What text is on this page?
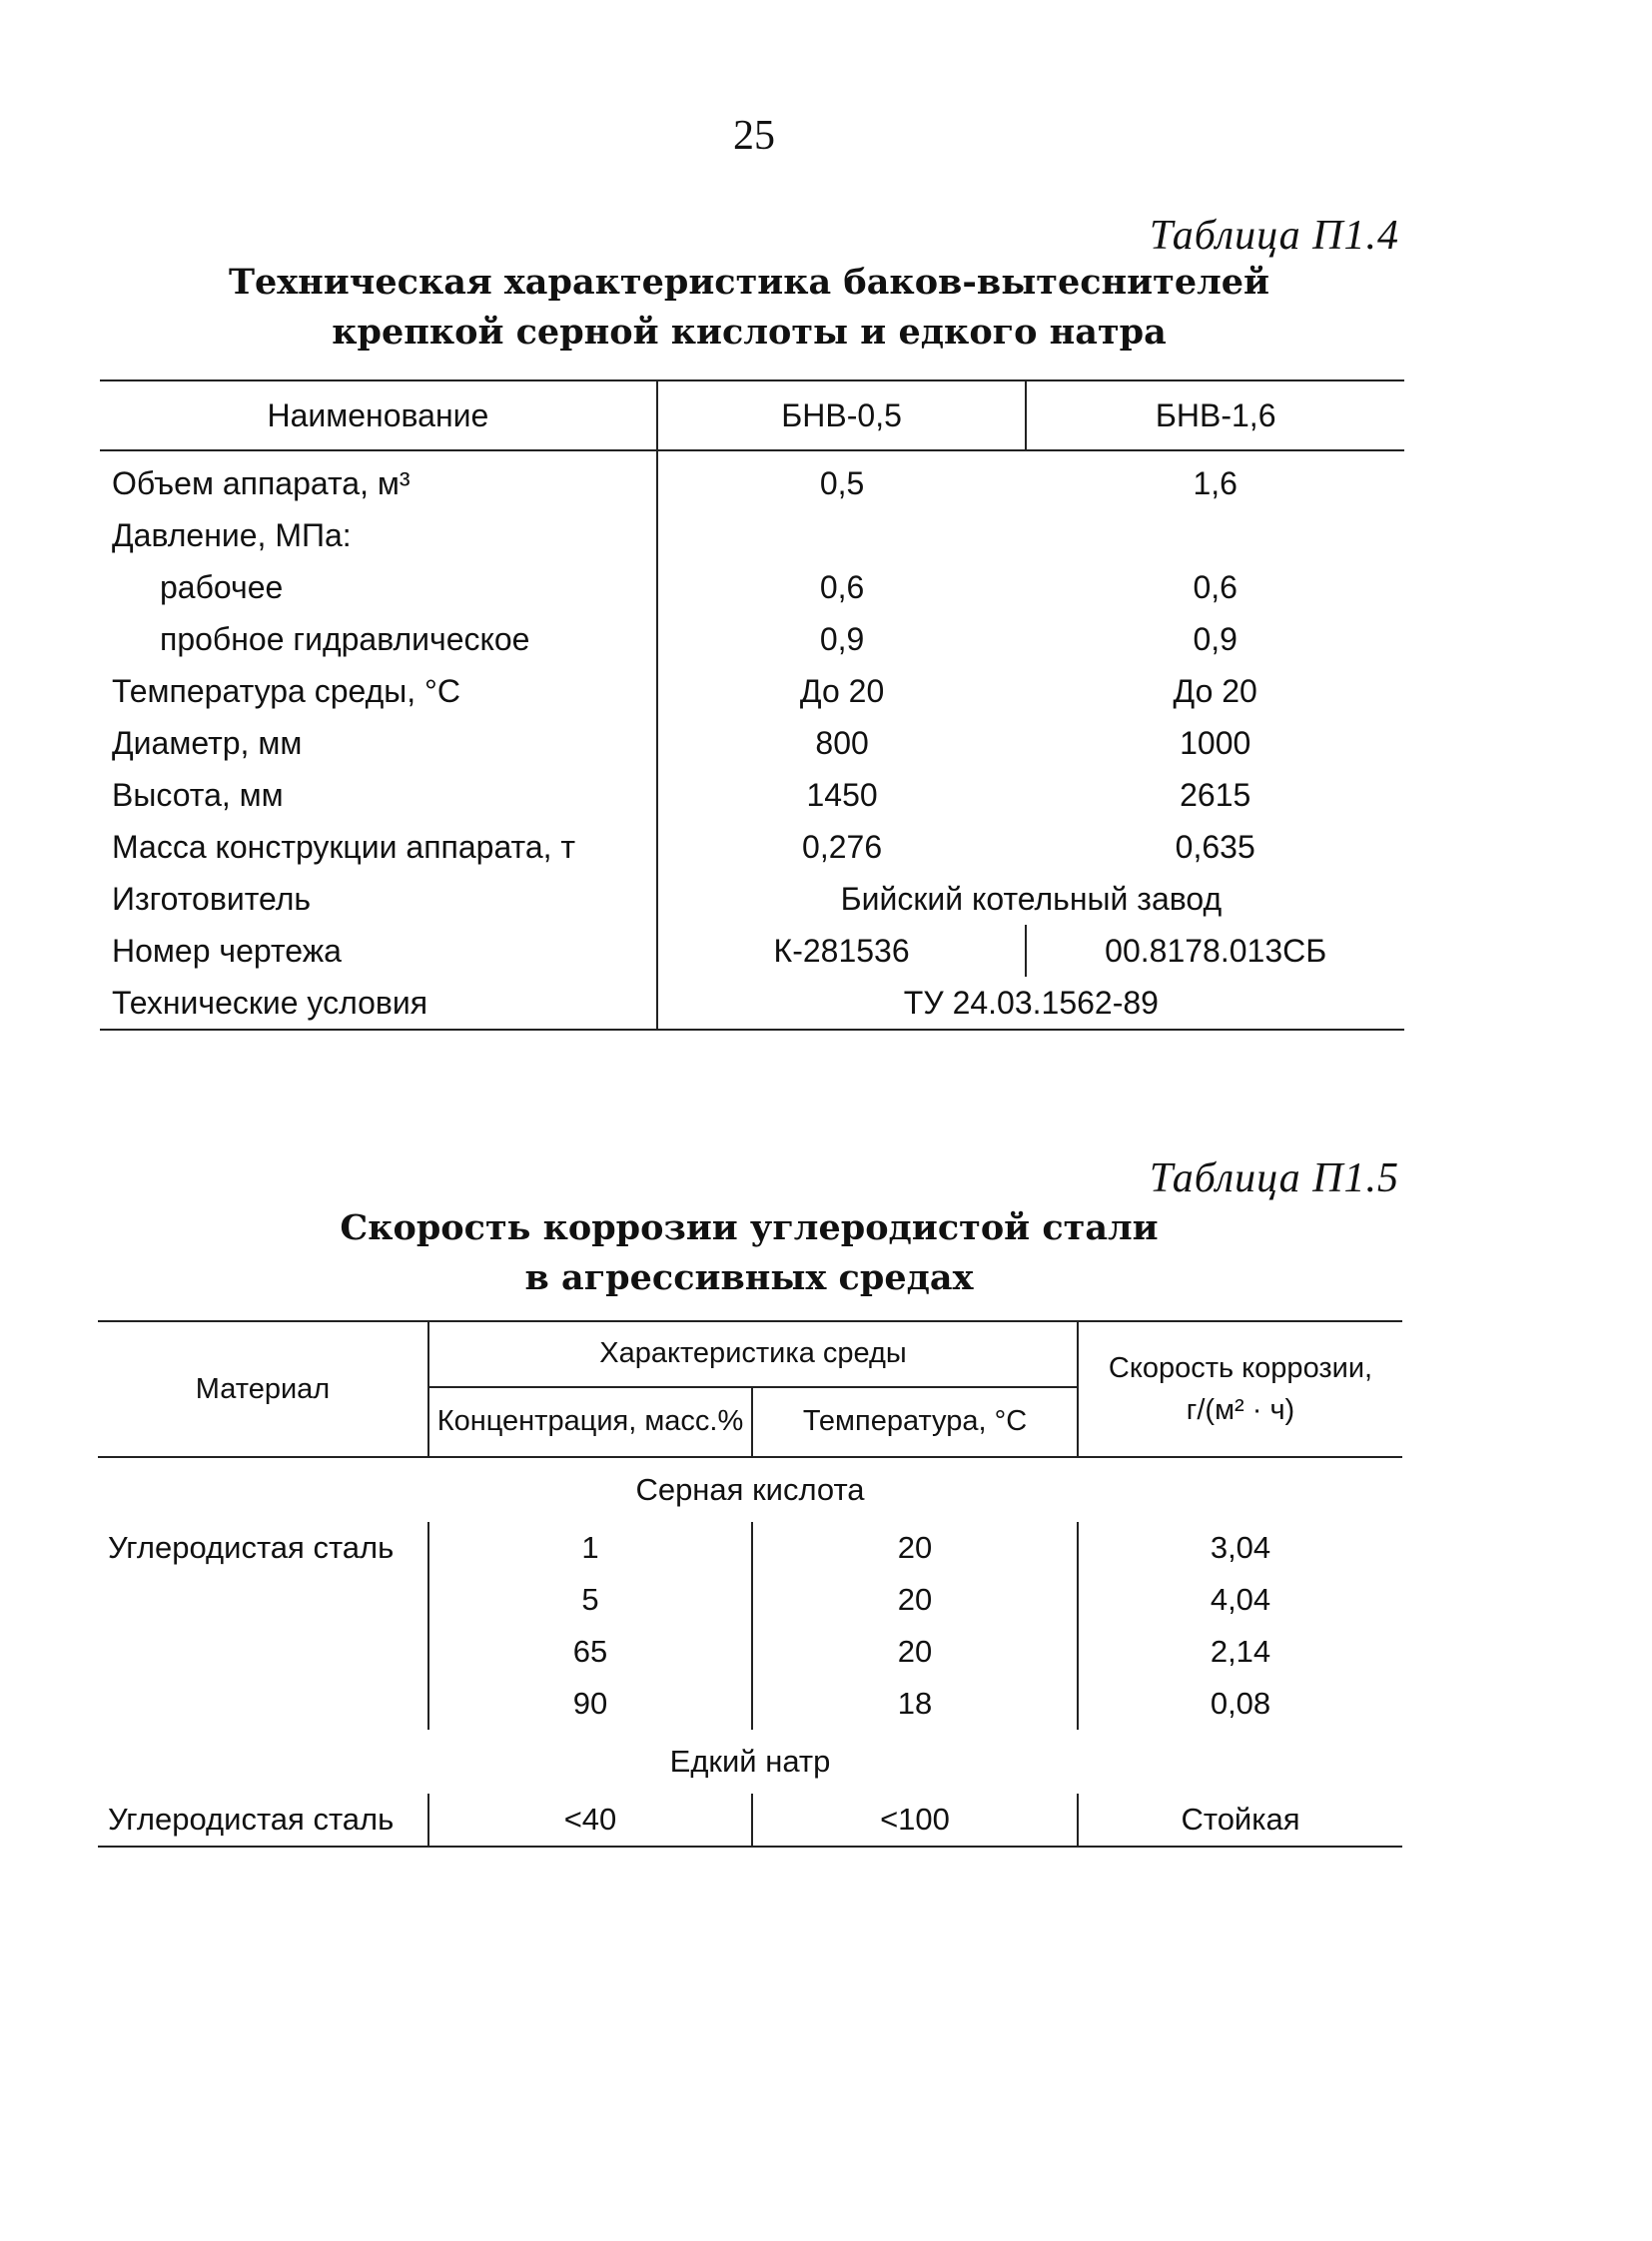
25
Таблица П1.4
Техническая характеристика баков-вытеснителей
крепкой серной кислоты и едкого натра
Наименование	БНВ-0,5	БНВ-1,6
Объем аппарата, м³	0,5	1,6
Давление, МПа:		
рабочее	0,6	0,6
пробное гидравлическое	0,9	0,9
Температура среды, °С	До 20	До 20
Диаметр, мм	800	1000
Высота, мм	1450	2615
Масса конструкции аппарата, т	0,276	0,635
Изготовитель	Бийский котельный завод	
Номер чертежа	К-281536	00.8178.013СБ
Технические условия	ТУ 24.03.1562-89	
Таблица П1.5
Скорость коррозии углеродистой стали
в агрессивных средах
Материал	Характеристика среды		Скорость коррозии,
г/(м² · ч)

	Концентрация, масс.%	Температура, °С	
Серная кислота			
Углеродистая сталь	1	20	3,04
	5	20	4,04
	65	20	2,14
	90	18	0,08
Едкий натр			
Углеродистая сталь	<40	<100	Стойкая
